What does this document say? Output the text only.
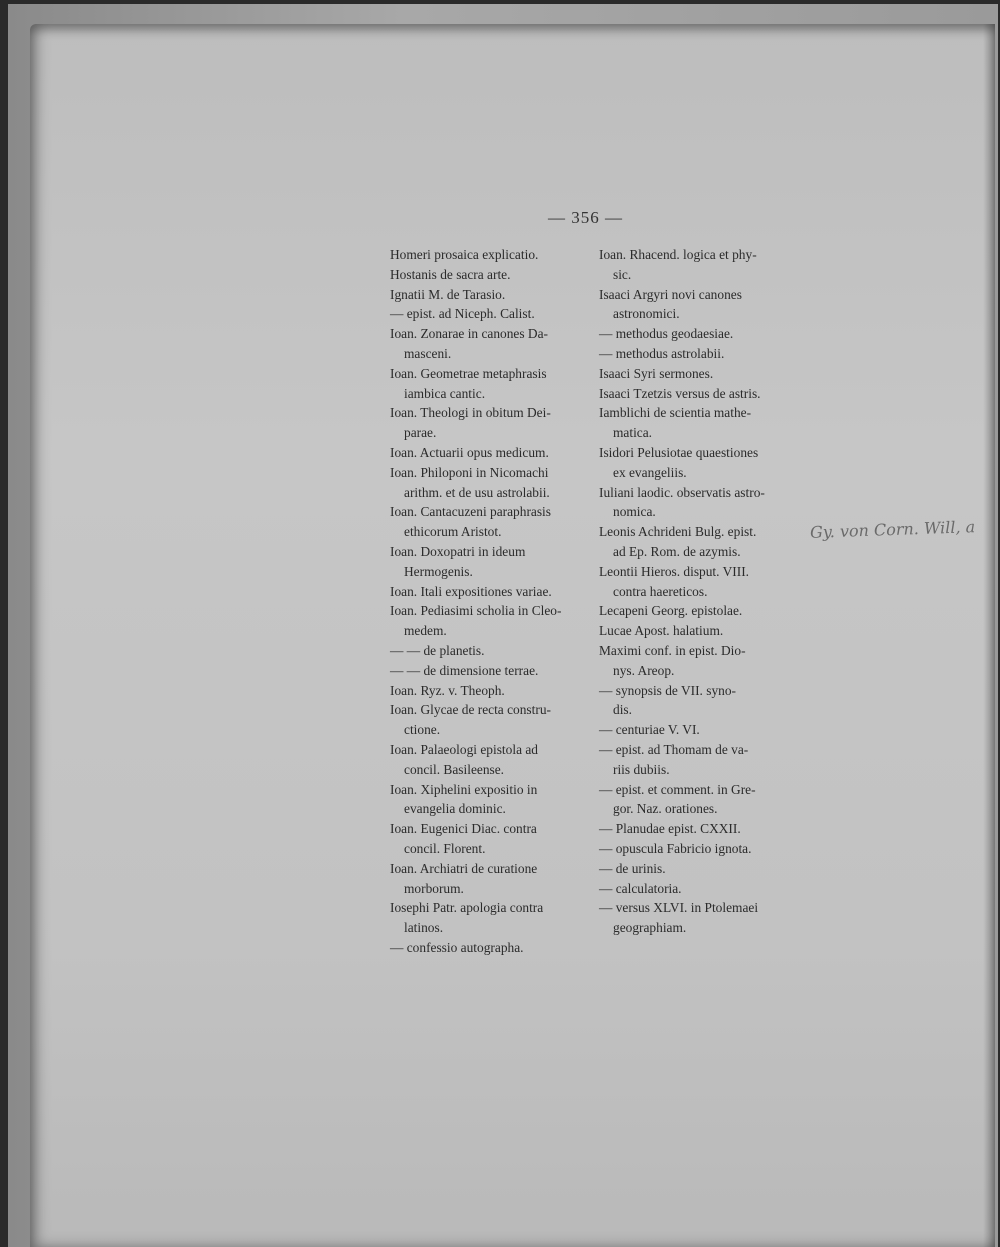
— 356 —

Homeri prosaica explicatio.
Hostanis de sacra arte.
Ignatii M. de Tarasio.
— epist. ad Niceph. Calist.
Ioan. Zonarae in canones Da-
masceni.
Ioan. Geometrae metaphrasis
iambica cantic.
Ioan. Theologi in obitum Dei-
parae.
Ioan. Actuarii opus medicum.
Ioan. Philoponi in Nicomachi
arithm. et de usu astrolabii.
Ioan. Cantacuzeni paraphrasis
ethicorum Aristot.
Ioan. Doxopatri in ideum
Hermogenis.
Ioan. Itali expositiones variae.
Ioan. Pediasimi scholia in Cleo-
medem.
— — de planetis.
— — de dimensione terrae.
Ioan. Ryz. v. Theoph.
Ioan. Glycae de recta constru-
ctione.
Ioan. Palaeologi epistola ad
concil. Basileense.
Ioan. Xiphelini expositio in
evangelia dominic.
Ioan. Eugenici Diac. contra
concil. Florent.
Ioan. Archiatri de curatione
morborum.
Iosephi Patr. apologia contra
latinos.
— confessio autographa.
Ioan. Rhacend. logica et phy-
sic.
Isaaci Argyri novi canones
astronomici.
— methodus geodaesiae.
— methodus astrolabii.
Isaaci Syri sermones.
Isaaci Tzetzis versus de astris.
Iamblichi de scientia mathe-
matica.
Isidori Pelusiotae quaestiones
ex evangeliis.
Iuliani laodic. observatis astro-
nomica.
Leonis Achrideni Bulg. epist.
ad Ep. Rom. de azymis.
Leontii Hieros. disput. VIII.
contra haereticos.
Lecapeni Georg. epistolae.
Lucae Apost. halatium.
Maximi conf. in epist. Dio-
nys. Areop.
— synopsis de VII. syno-
dis.
— centuriae V. VI.
— epist. ad Thomam de va-
riis dubiis.
— epist. et comment. in Gre-
gor. Naz. orationes.
— Planudae epist. CXXII.
— opuscula Fabricio ignota.
— de urinis.
— calculatoria.
— versus XLVI. in Ptolemaei
geographiam.

Gy. von Corn. Will, a
